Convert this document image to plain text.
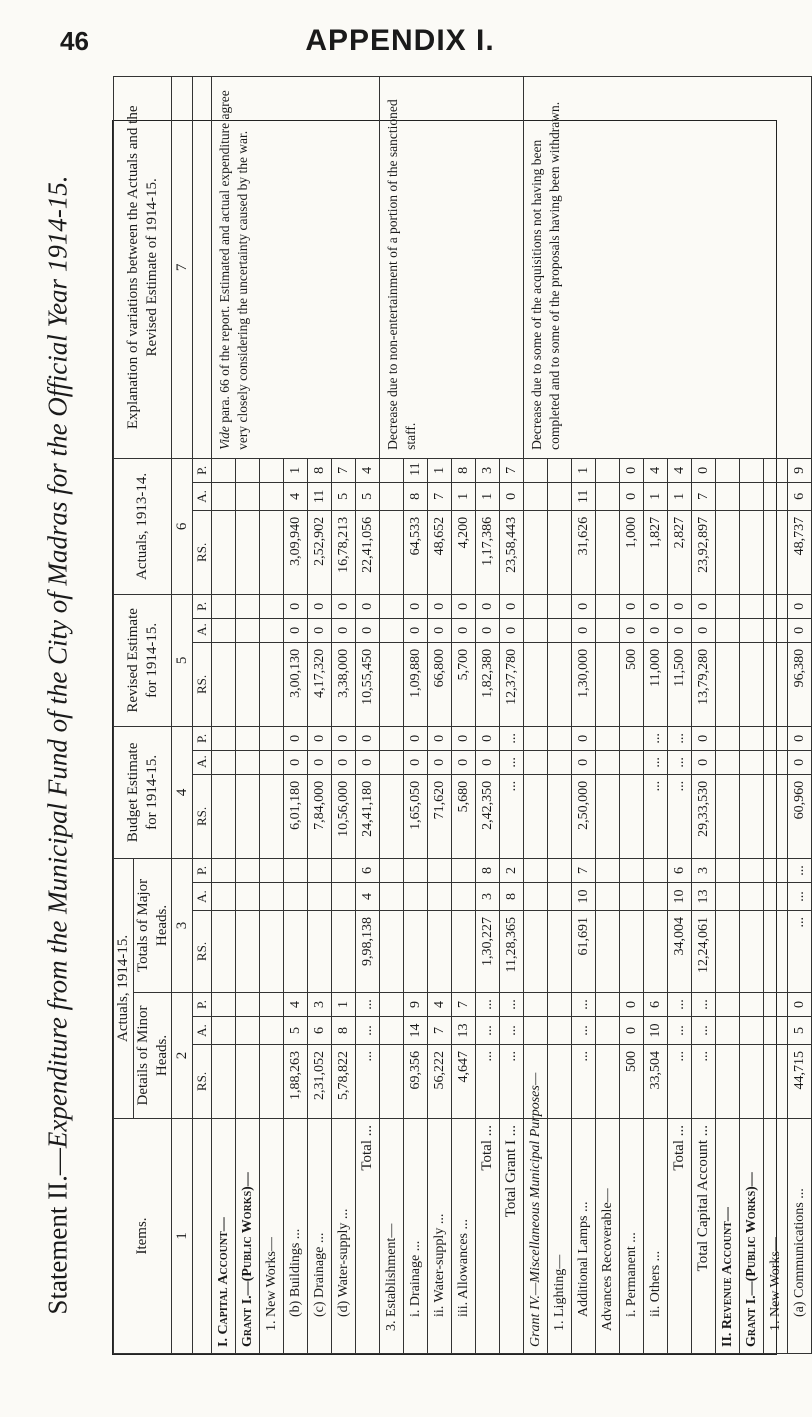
46	APPENDIX I.
Statement II.—Expenditure from the Municipal Fund of the City of Madras for the Official Year 1914-15.
Items.	Actuals, 1914-15.						Budget Estimate for 1914-15.			Revised Estimate for 1914-15.			Actuals, 1913-14.			Explanation of variations between the Actuals and the Revised Estimate of 1914-15.
	Details of Minor Heads.			Totals of Major Heads.												
1	2			3			4			5			6			7
	RS.	A.	P.	RS.	A.	P.	RS.	A.	P.	RS.	A.	P.	RS.	A.	P.	
I. Capital Account—																Vide para. 66 of the report. Estimated and actual expenditure agree very closely considering the uncertainty caused by the war.
Grant I.—(Public Works)—																
1. New Works—																
(b) Buildings ...	1,88,263	5	4				6,01,180	0	0	3,00,130	0	0	3,09,940	4	1	
(c) Drainage ...	2,31,052	6	3				7,84,000	0	0	4,17,320	0	0	2,52,902	11	8	
(d) Water-supply ...	5,78,822	8	1				10,56,000	0	0	3,38,000	0	0	16,78,213	5	7	
Total ...	...	...	...	9,98,138	4	6	24,41,180	0	0	10,55,450	0	0	22,41,056	5	4	
3. Establishment—																Decrease due to non-entertainment of a portion of the sanctioned staff.
i. Drainage ...	69,356	14	9				1,65,050	0	0	1,09,880	0	0	64,533	8	11	
ii. Water-supply ...	56,222	7	4				71,620	0	0	66,800	0	0	48,652	7	1	
iii. Allowances ...	4,647	13	7				5,680	0	0	5,700	0	0	4,200	1	8	
Total ...	...	...	...	1,30,227	3	8	2,42,350	0	0	1,82,380	0	0	1,17,386	1	3	
Total Grant I ...	...	...	...	11,28,365	8	2	...	...	...	12,37,780	0	0	23,58,443	0	7	
Grant IV.—Miscellaneous Municipal Purposes—																Decrease due to some of the acquisitions not having been completed and to some of the proposals having been withdrawn.
1. Lighting—																
Additional Lamps ...	...	...	...	61,691	10	7	2,50,000	0	0	1,30,000	0	0	31,626	11	1	
Advances Recoverable—																
i. Permanent ...	500	0	0							500	0	0	1,000	0	0	
ii. Others ...	33,504	10	6				...	...	...	11,000	0	0	1,827	1	4	
Total ...	...	...	...	34,004	10	6	...	...	...	11,500	0	0	2,827	1	4	
Total Capital Account ...	...	...	...	12,24,061	13	3	29,33,530	0	0	13,79,280	0	0	23,92,897	7	0	
II. Revenue Account—																
Grant I.—(Public Works)—																
1. New Works—																
(a) Communications ...	44,715	5	0	...	...	...	60,960	0	0	96,380	0	0	48,737	6	9	
